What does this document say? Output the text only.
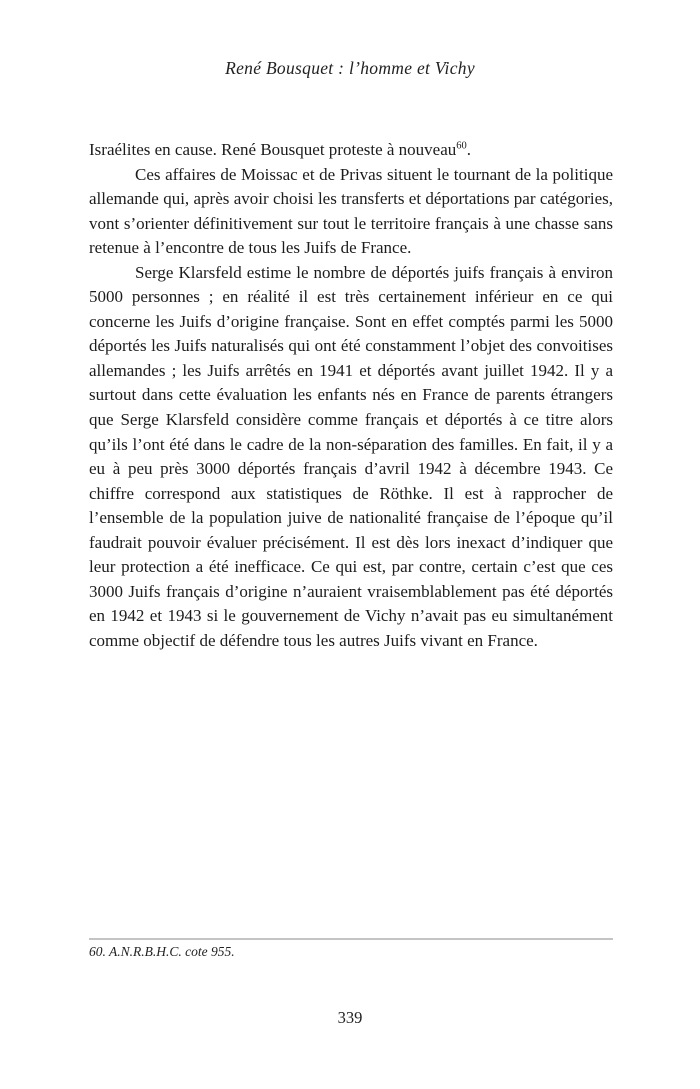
René Bousquet : l’homme et Vichy

Israélites en cause. René Bousquet proteste à nouveau$^{60}$.

Ces affaires de Moissac et de Privas situent le tournant de la politique allemande qui, après avoir choisi les transferts et déportations par catégories, vont s’orienter définitivement sur tout le territoire français à une chasse sans retenue à l’encontre de tous les Juifs de France.

Serge Klarsfeld estime le nombre de déportés juifs français à environ 5000 personnes ; en réalité il est très certainement inférieur en ce qui concerne les Juifs d’origine française. Sont en effet comptés parmi les 5000 déportés les Juifs naturalisés qui ont été constamment l’objet des convoitises allemandes ; les Juifs arrêtés en 1941 et déportés avant juillet 1942. Il y a surtout dans cette évaluation les enfants nés en France de parents étrangers que Serge Klarsfeld considère comme français et déportés à ce titre alors qu’ils l’ont été dans le cadre de la non-séparation des familles. En fait, il y a eu à peu près 3000 déportés français d’avril 1942 à décembre 1943. Ce chiffre correspond aux statistiques de Röthke. Il est à rapprocher de l’ensemble de la population juive de nationalité française de l’époque qu’il faudrait pouvoir évaluer précisément. Il est dès lors inexact d’indiquer que leur protection a été inefficace. Ce qui est, par contre, certain c’est que ces 3000 Juifs français d’origine n’auraient vraisemblablement pas été déportés en 1942 et 1943 si le gouvernement de Vichy n’avait pas eu simultanément comme objectif de défendre tous les autres Juifs vivant en France.

60. A.N.R.B.H.C. cote 955.
339
